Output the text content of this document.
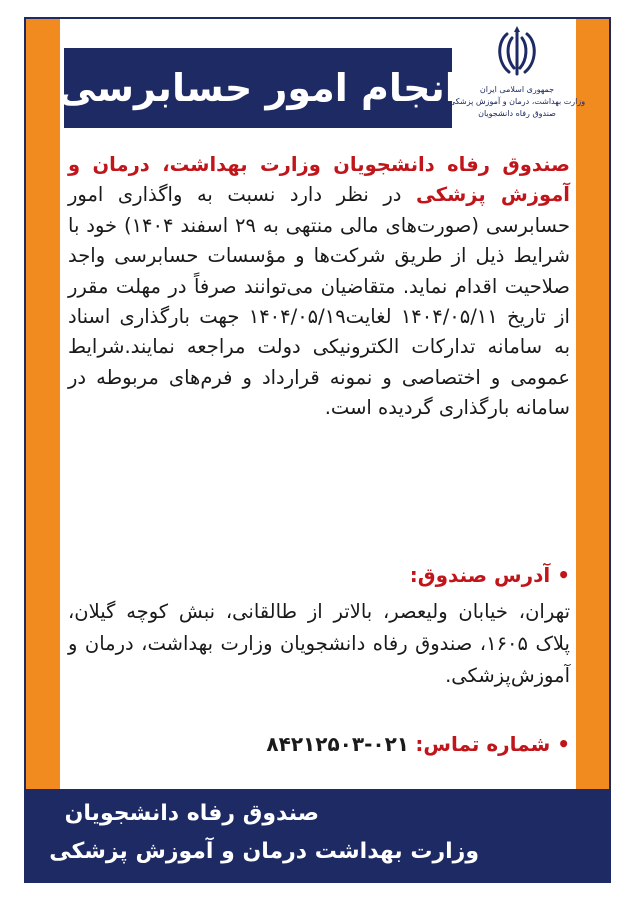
انجام امور حسابرسی	جمهوری اسلامی ایران
وزارت بهداشت، درمان و آموزش پزشکی
صندوق رفاه دانشجویان
صندوق رفاه دانشجویان وزارت بهداشت، درمان و آموزش پزشکی در نظر دارد نسبت به واگذاری امور حسابرسی (صورت‌های مالی منتهی به ۲۹ اسفند ۱۴۰۴) خود با شرایط ذیل از طریق شرکت‌ها و مؤسسات حسابرسی واجد صلاحیت اقدام نماید. متقاضیان می‌توانند صرفاً در مهلت مقرر از تاریخ ۱۴۰۴/۰۵/۱۱ لغایت۱۴۰۴/۰۵/۱۹ جهت بارگذاری اسناد به سامانه تدارکات الکترونیکی دولت مراجعه نمایند.شرایط عمومی و اختصاصی و نمونه قرارداد و فرم‌های مربوطه در سامانه بارگذاری گردیده است.
• آدرس صندوق:
تهران، خیابان ولیعصر، بالاتر از طالقانی، نبش کوچه گیلان، پلاک ۱۶۰۵، صندوق رفاه دانشجویان وزارت بهداشت، درمان و آموزش‌پزشکی.
• شماره تماس: ۰۲۱-۸۴۲۱۲۵۰۳
صندوق رفاه دانشجویان
وزارت بهداشت درمان و آموزش پزشکی
